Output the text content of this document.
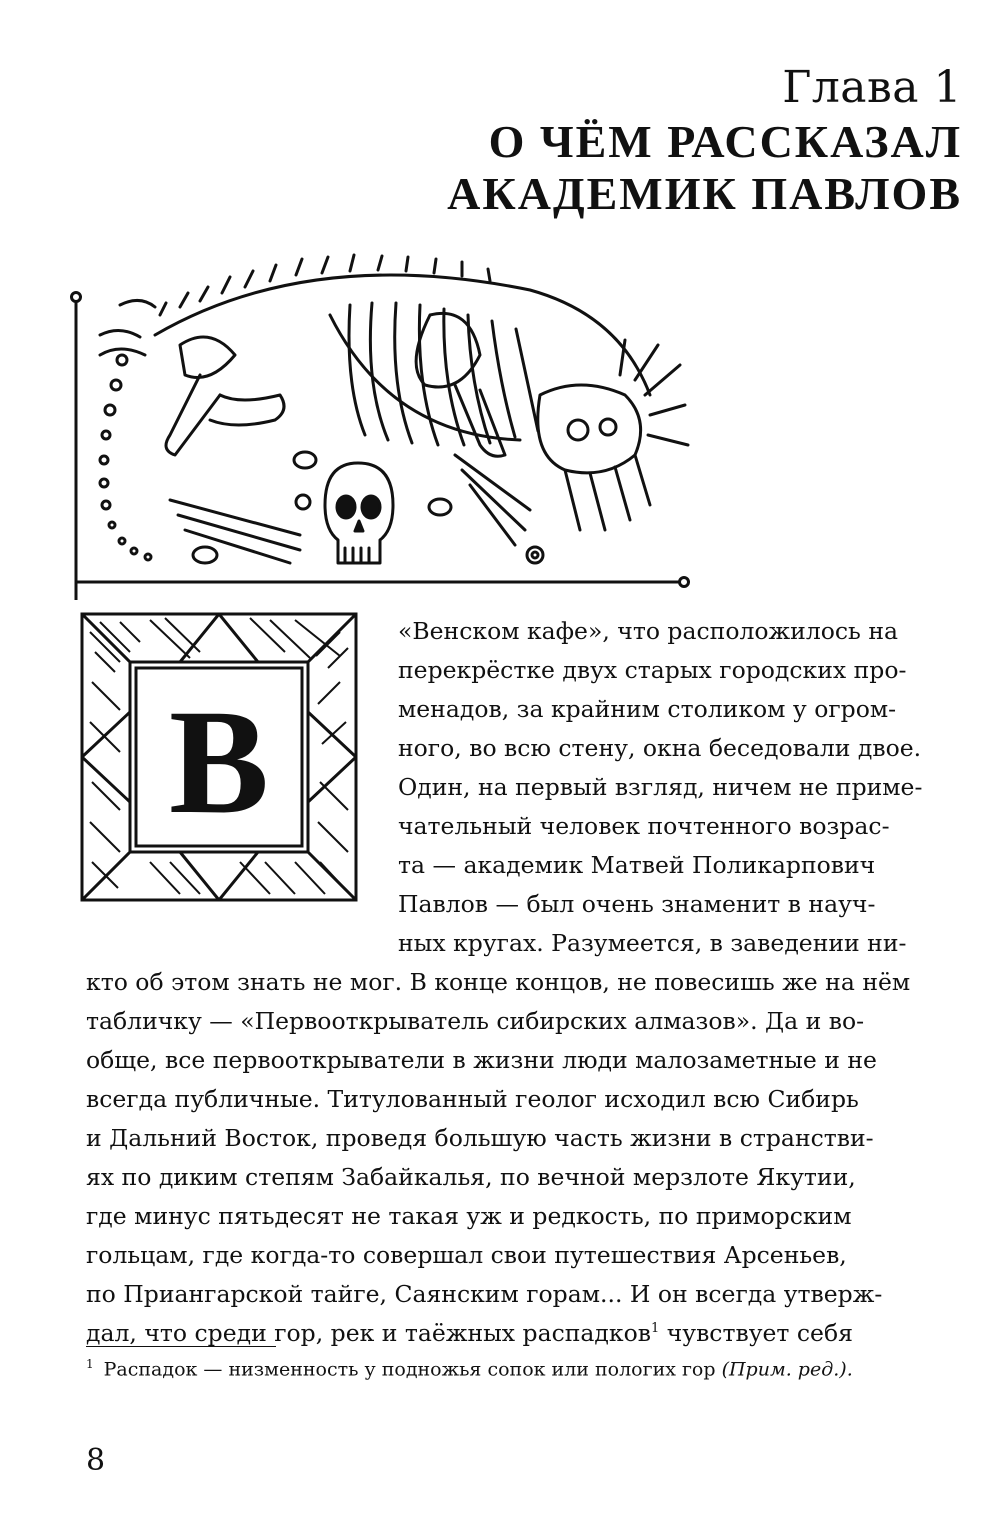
Глава 1
О ЧЁМ РАССКАЗАЛ
АКАДЕМИК ПАВЛОВ
В
«Венском кафе», что расположилось на
перекрёстке двух старых городских про-
менадов, за крайним столиком у огром-
ного, во всю стену, окна беседовали двое.
Один, на первый взгляд, ничем не приме-
чательный человек почтенного возрас-
та — академик Матвей Поликарпович
Павлов — был очень знаменит в науч-
ных кругах. Разумеется, в заведении ни-
кто об этом знать не мог. В конце концов, не повесишь же на нём
табличку — «Первооткрыватель сибирских алмазов». Да и во-
обще, все первооткрыватели в жизни люди малозаметные и не
всегда публичные. Титулованный геолог исходил всю Сибирь
и Дальний Восток, проведя большую часть жизни в странстви-
ях по диким степям Забайкалья, по вечной мерзлоте Якутии,
где минус пятьдесят не такая уж и редкость, по приморским
гольцам, где когда-то совершал свои путешествия Арсеньев,
по Приангарской тайге, Саянским горам... И он всегда утверж-
дал, что среди гор, рек и таёжных распадков$^1$ чувствует себя
$^1$ Распадок — низменность у подножья сопок или пологих гор (Прим. ред.).
8
